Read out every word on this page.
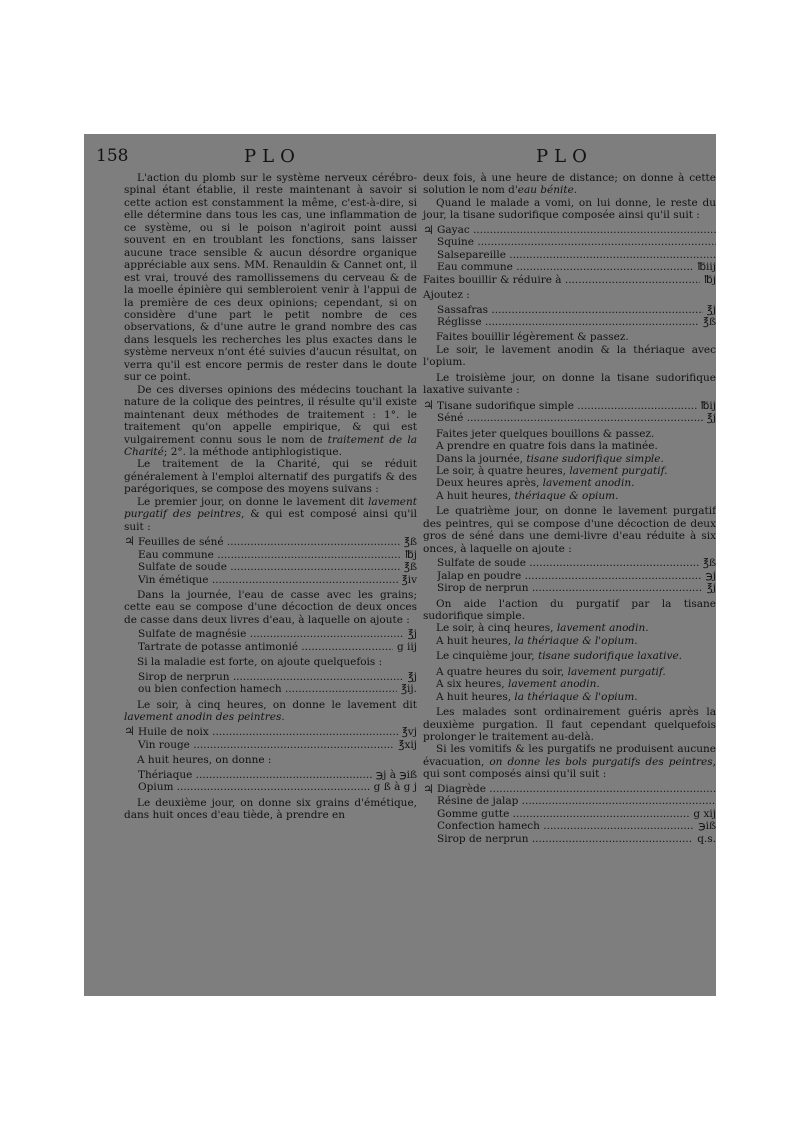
158	PLO	PLO

L'action du plomb sur le système nerveux cérébro-spinal étant établie, il reste maintenant à savoir si cette action est constamment la même, c'est-à-dire, si elle détermine dans tous les cas, une inflammation de ce système, ou si le poison n'agiroit point aussi souvent en en troublant les fonctions, sans laisser aucune trace sensible & aucun désordre organique appréciable aux sens. MM. Renauldin & Cannet ont, il est vrai, trouvé des ramollissemens du cerveau & de la moelle épinière qui sembleroient venir à l'appui de la première de ces deux opinions; cependant, si on considère d'une part le petit nombre de ces observations, & d'une autre le grand nombre des cas dans lesquels les recherches les plus exactes dans le système nerveux n'ont été suivies d'aucun résultat, on verra qu'il est encore permis de rester dans le doute sur ce point.

De ces diverses opinions des médecins touchant la nature de la colique des peintres, il résulte qu'il existe maintenant deux méthodes de traitement : 1°. le traitement qu'on appelle empirique, & qui est vulgairement connu sous le nom de traitement de la Charité; 2°. la méthode antiphlogistique.

Le traitement de la Charité, qui se réduit généralement à l'emploi alternatif des purgatifs & des parégoriques, se compose des moyens suivans :

Le premier jour, on donne le lavement dit lavement purgatif des peintres, & qui est composé ainsi qu'il suit :

♃ Feuilles de séné .....	℥ß
Eau commune .....	℔j
Sulfate de soude .....	℥ß
Vin émétique .....	℥iv

Dans la journée, l'eau de casse avec les grains; cette eau se compose d'une décoction de deux onces de casse dans deux livres d'eau, à laquelle on ajoute :

Sulfate de magnésie .....	℥j
Tartrate de potasse antimonié .....	g iij

Si la maladie est forte, on ajoute quelquefois :

Sirop de nerprun .....	℥j
ou bien confection hamech .....	℥ij.

Le soir, à cinq heures, on donne le lavement dit lavement anodin des peintres.

♃ Huile de noix .....	℥vj
Vin rouge .....	℥xij

A huit heures, on donne :

Thériaque .....	℈j à ℈iß
Opium .....	g ß à g j

Le deuxième jour, on donne six grains d'émétique, dans huit onces d'eau tiède, à prendre en

deux fois, à une heure de distance; on donne à cette solution le nom d'eau bénite.

Quand le malade a vomi, on lui donne, le reste du jour, la tisane sudorifique composée ainsi qu'il suit :

♃ Gayac .....
Squine .....
Salsepareille .....
Eau commune .....	℔iij
Faites bouillir & réduire à .....	℔j

Ajoutez :

Sassafras .....	℥j
Réglisse .....	℥ß

Faites bouillir légèrement & passez.

Le soir, le lavement anodin & la thériaque avec l'opium.

Le troisième jour, on donne la tisane sudorifique laxative suivante :

♃ Tisane sudorifique simple .....	℔ij
Séné .....	℥j

Faites jeter quelques bouillons & passez.

A prendre en quatre fois dans la matinée.

Dans la journée, tisane sudorifique simple.

Le soir, à quatre heures, lavement purgatif.

Deux heures après, lavement anodin.

A huit heures, thériaque & opium.

Le quatrième jour, on donne le lavement purgatif des peintres, qui se compose d'une décoction de deux gros de séné dans une demi-livre d'eau réduite à six onces, à laquelle on ajoute :

Sulfate de soude .....	℥ß
Jalap en poudre .....	℈j
Sirop de nerprun .....	℥j

On aide l'action du purgatif par la tisane sudorifique simple.

Le soir, à cinq heures, lavement anodin.

A huit heures, la thériaque & l'opium.

Le cinquième jour, tisane sudorifique laxative.

A quatre heures du soir, lavement purgatif.

A six heures, lavement anodin.

A huit heures, la thériaque & l'opium.

Les malades sont ordinairement guéris après la deuxième purgation. Il faut cependant quelquefois prolonger le traitement au-delà.

Si les vomitifs & les purgatifs ne produisent aucune évacuation, on donne les bols purgatifs des peintres, qui sont composés ainsi qu'il suit :

♃ Diagrède .....
Résine de jalap .....
Gomme gutte .....	g xij
Confection hamech .....	℈iß
Sirop de nerprun .....	q.s.
